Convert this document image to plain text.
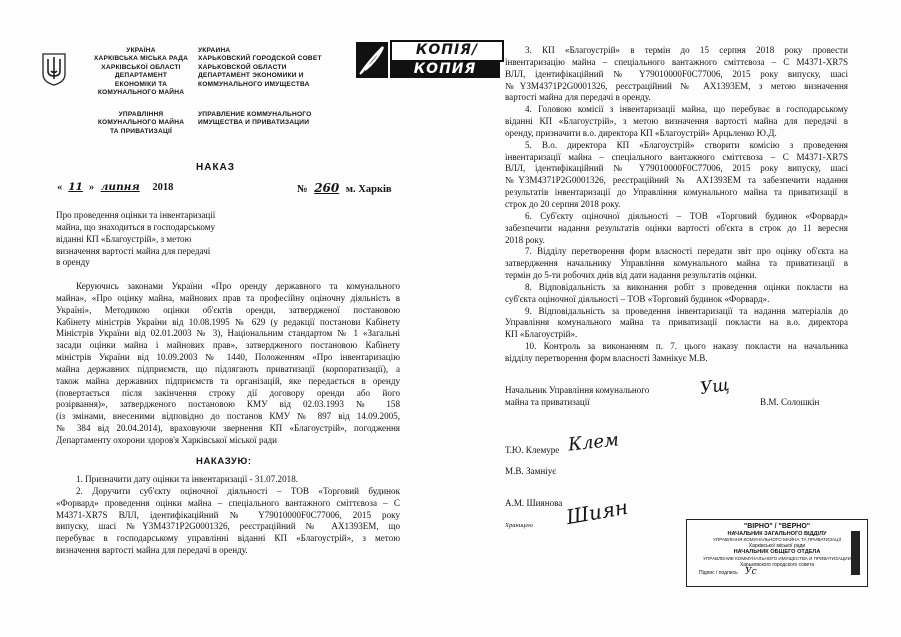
УКРАЇНА
ХАРКІВСЬКА МІСЬКА РАДА
ХАРКІВСЬКОЇ ОБЛАСТІ
ДЕПАРТАМЕНТ
ЕКОНОМІКИ ТА
КОМУНАЛЬНОГО МАЙНА
УПРАВЛІННЯ
КОМУНАЛЬНОГО МАЙНА
ТА ПРИВАТИЗАЦІЇ
УКРАИНА
ХАРЬКОВСКИЙ ГОРОДСКОЙ СОВЕТ
ХАРЬКОВСКОЙ ОБЛАСТИ
ДЕПАРТАМЕНТ ЭКОНОМИКИ И
КОММУНАЛЬНОГО ИМУЩЕСТВА
УПРАВЛЕНИЕ КОММУНАЛЬНОГО
ИМУЩЕСТВА И ПРИВАТИЗАЦИИ
КОПІЯ/
КОПИЯ
НАКАЗ
« 11 » липня 2018	№ 260 м. Харків
Про проведення оцінки та інвентаризації
майна, що знаходиться в господарському
віданні КП «Благоустрій», з метою
визначення вартості майна для передачі
в оренду
Керуючись законами України «Про оренду державного та комунального
майна», «Про оцінку майна, майнових прав та професійну оціночну діяльність в
Україні», Методикою оцінки об'єктів оренди, затвердженої постановою
Кабінету міністрів України від 10.08.1995 № 629 (у редакції постанови Кабінету
Міністрів України від 02.01.2003 № 3), Національним стандартом № 1 «Загальні
засади оцінки майна і майнових прав», затвердженого постановою Кабінету
міністрів України від 10.09.2003 № 1440, Положенням «Про інвентаризацію
майна державних підприємств, що підлягають приватизації (корпоратизації), а
також майна державних підприємств та організацій, яке передається в оренду
(повертається після закінчення строку дії договору оренди або його
розірвання)», затвердженого постановою КМУ від 02.03.1993 № 158
(із змінами, внесеними відповідно до постанов КМУ № 897 від 14.09.2005,
№ 384 від 20.04.2014), враховуючи звернення КП «Благоустрій», погодження
Департаменту охорони здоров'я Харківської міської ради
НАКАЗУЮ:
1. Призначити дату оцінки та інвентаризації - 31.07.2018.
2. Доручити суб'єкту оціночної діяльності – ТОВ «Торговий будинок
«Форвард» проведення оцінки майна – спеціального вантажного сміттєвоза – С
М4371-ХR7S ВЛЛ, ідентифікаційний № Y79010000F0C77006, 2015 року
випуску, шасі №Y3M4371P2G0001326, реєстраційний № АХ1393ЕМ, що
перебуває в господарському управлінні віданні КП «Благоустрій», з метою
визначення вартості майна для передачі в оренду.
3. КП «Благоустрій» в термін до 15 серпня 2018 року провести
інвентаризацію майна – спеціального вантажного сміттєвоза – С М4371-ХR7S
ВЛЛ, ідентифікаційний № Y79010000F0C77006, 2015 року випуску, шасі
№Y3M4371P2G0001326, реєстраційний № АХ1393ЕМ, з метою визначення
вартості майна для передачі в оренду.
4. Головою комісії з інвентаризації майна, що перебуває в господарському
віданні КП «Благоустрій», з метою визначення вартості майна для передачі в
оренду, призначити в.о. директора КП «Благоустрій» Арцьленко Ю.Д.
5. В.о. директора КП «Благоустрій» створити комісію з проведення
інвентаризації майна – спеціального вантажного сміттєвоза – С М4371-ХR7S
ВЛЛ, ідентифікаційний № Y79010000F0C77006, 2015 року випуску, шасі
№Y3M4371P2G0001326, реєстраційний № АХ1393ЕМ та забезпечити надання
результатів інвентаризації до Управління комунального майна та приватизації в
строк до 20 серпня 2018 року.
6. Суб'єкту оціночної діяльності – ТОВ «Торговий будинок «Форвард»
забезпечити надання результатів оцінки вартості об'єкта в строк до 11 вересня
2018 року.
7. Відділу перетворення форм власності передати звіт про оцінку об'єкта на
затвердження начальнику Управління комунального майна та приватизації в
термін до 5-ти робочих днів від дати надання результатів оцінки.
8. Відповідальність за виконання робіт з проведення оцінки покласти на
суб'єкта оціночної діяльності – ТОВ «Торговий будинок «Форвард».
9. Відповідальність за проведення інвентаризації та надання матеріалів до
Управління комунального майна та приватизації покласти на в.о. директора
КП «Благоустрій».
10. Контроль за виконанням п. 7. цього наказу покласти на начальника
відділу перетворення форм власності Замнікує М.В.
Начальник Управління комунального
майна та приватизації
Ущ
В.М. Солошкін
Т.Ю. Клемуре Клем
М.В. Замніує
А.М. Шиянова Шиян
Храницею	"ВІРНО" / "ВЕРНО"
НАЧАЛЬНИК ЗАГАЛЬНОГО ВІДДІЛУ
УПРАВЛІННЯ КОМУНАЛЬНОГО МАЙНА ТА ПРИВАТИЗАЦІЇ
Харківської міської ради
НАЧАЛЬНИК ОБЩЕГО ОТДЕЛА
УПРАВЛЕНИЕ КОММУНАЛЬНОГО ИМУЩЕСТВА И ПРИВАТИЗАЦИИ
Харьковского городского совета
Підпис / подпись Ус
